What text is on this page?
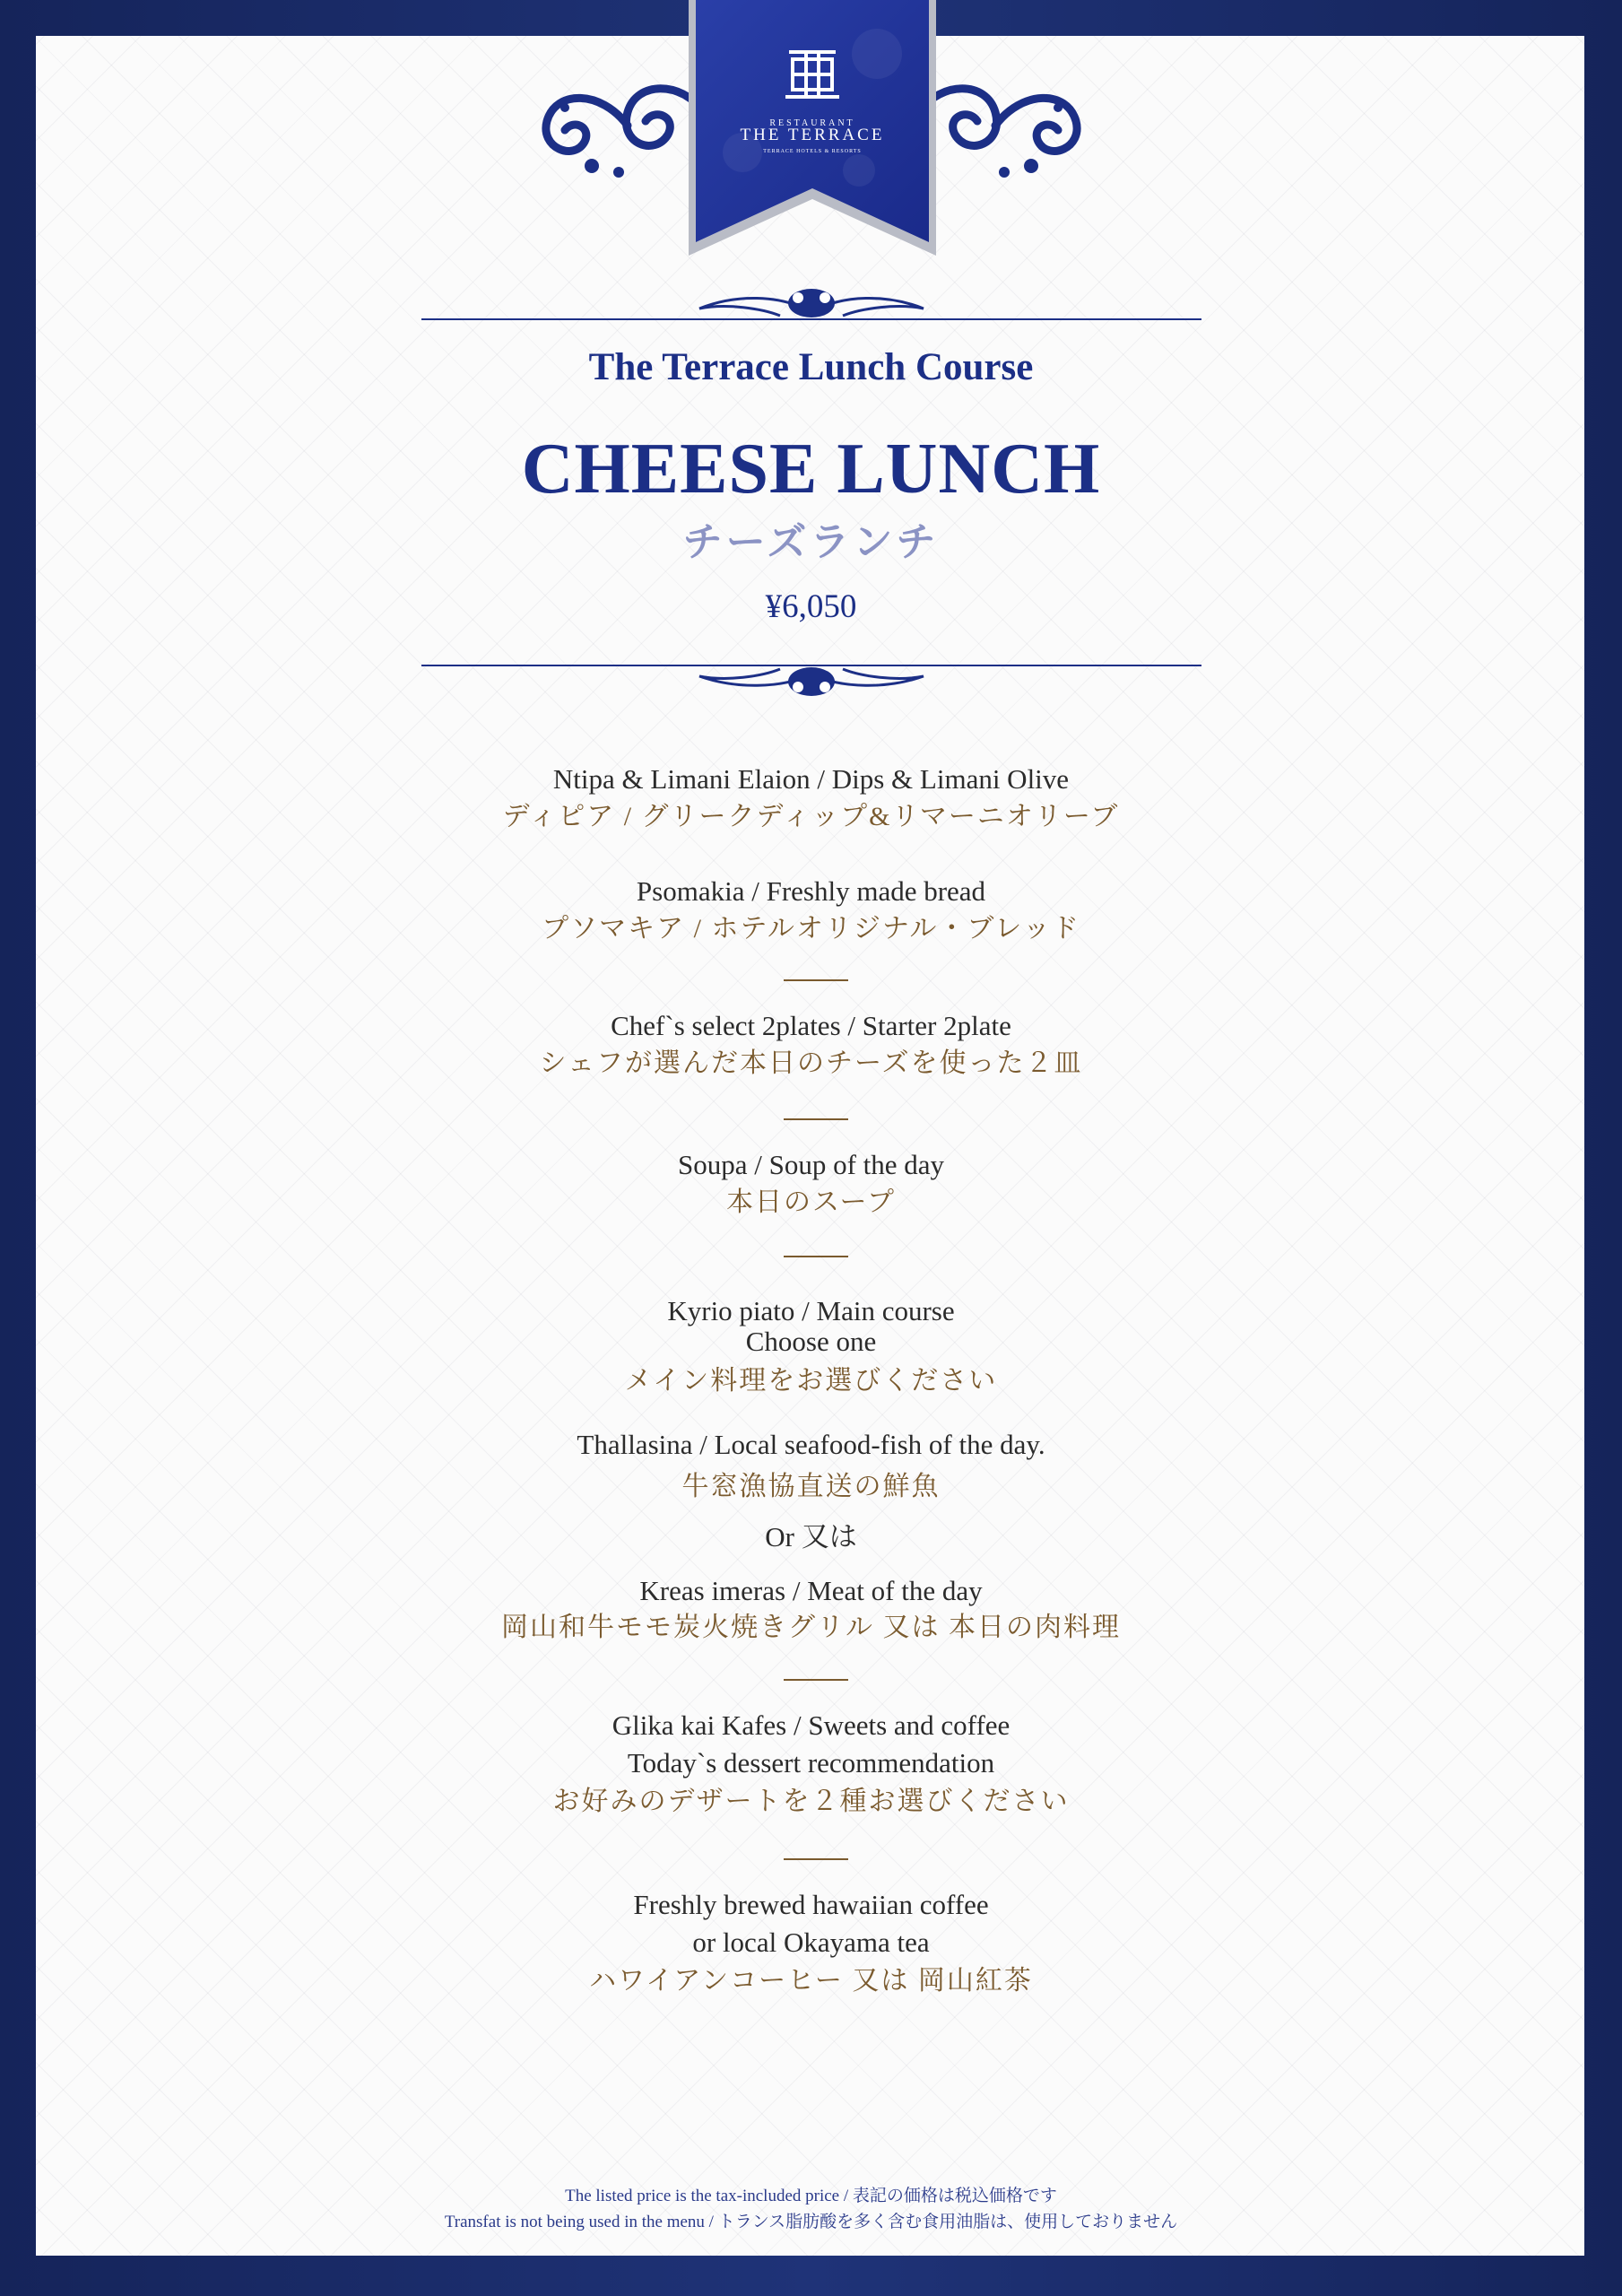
RESTAURANT
THE TERRACE
TERRACE HOTELS & RESORTS
The Terrace Lunch Course
CHEESE LUNCH
チーズランチ
¥6,050
Ntipa & Limani Elaion / Dips & Limani Olive
ディピア / グリークディップ&リマーニオリーブ
Psomakia / Freshly made bread
プソマキア / ホテルオリジナル・ブレッド
Chef`s select 2plates / Starter 2plate
シェフが選んだ本日のチーズを使った２皿
Soupa / Soup of the day
本日のスープ
Kyrio piato / Main course
Choose one
メイン料理をお選びください
Thallasina / Local seafood-fish of the day.
牛窓漁協直送の鮮魚
Or 又は
Kreas imeras / Meat of the day
岡山和牛モモ炭火焼きグリル 又は 本日の肉料理
Glika kai Kafes / Sweets and coffee
Today`s dessert recommendation
お好みのデザートを２種お選びください
Freshly brewed hawaiian coffee
or local Okayama tea
ハワイアンコーヒー 又は 岡山紅茶
The listed price is the tax-included price / 表記の価格は税込価格です
Transfat is not being used in the menu / トランス脂肪酸を多く含む食用油脂は、使用しておりません
